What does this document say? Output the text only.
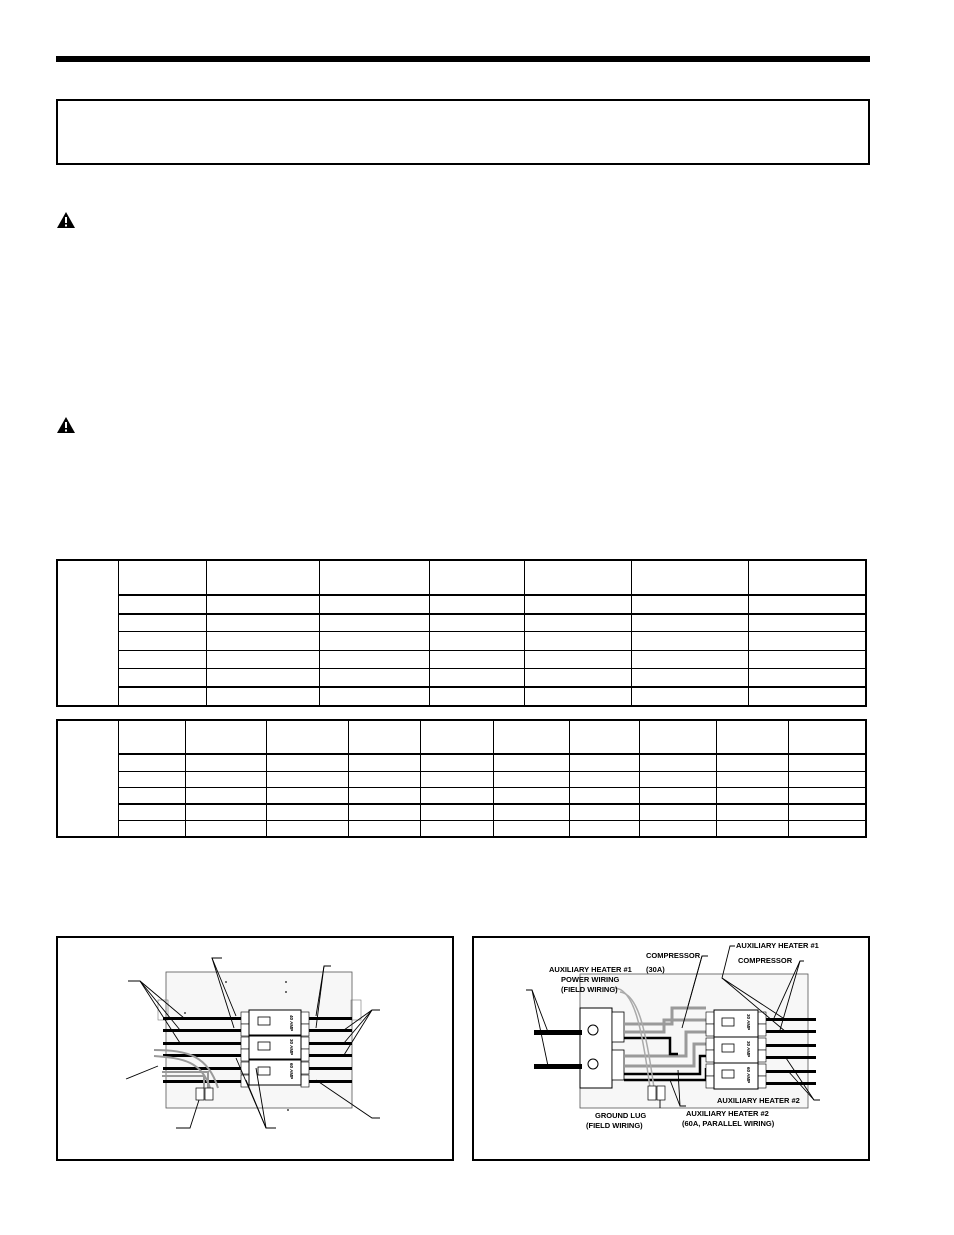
40 AMP
30 AMP
60 AMP
30 AMP
30 AMP
60 AMP
AUXILIARY HEATER #1
COMPRESSOR
COMPRESSOR
AUXILIARY HEATER #1 (30A)
POWER WIRING
(FIELD WIRING)
AUXILIARY HEATER #2
AUXILIARY HEATER #2
GROUND LUG
(FIELD WIRING)	(60A, PARALLEL WIRING)
